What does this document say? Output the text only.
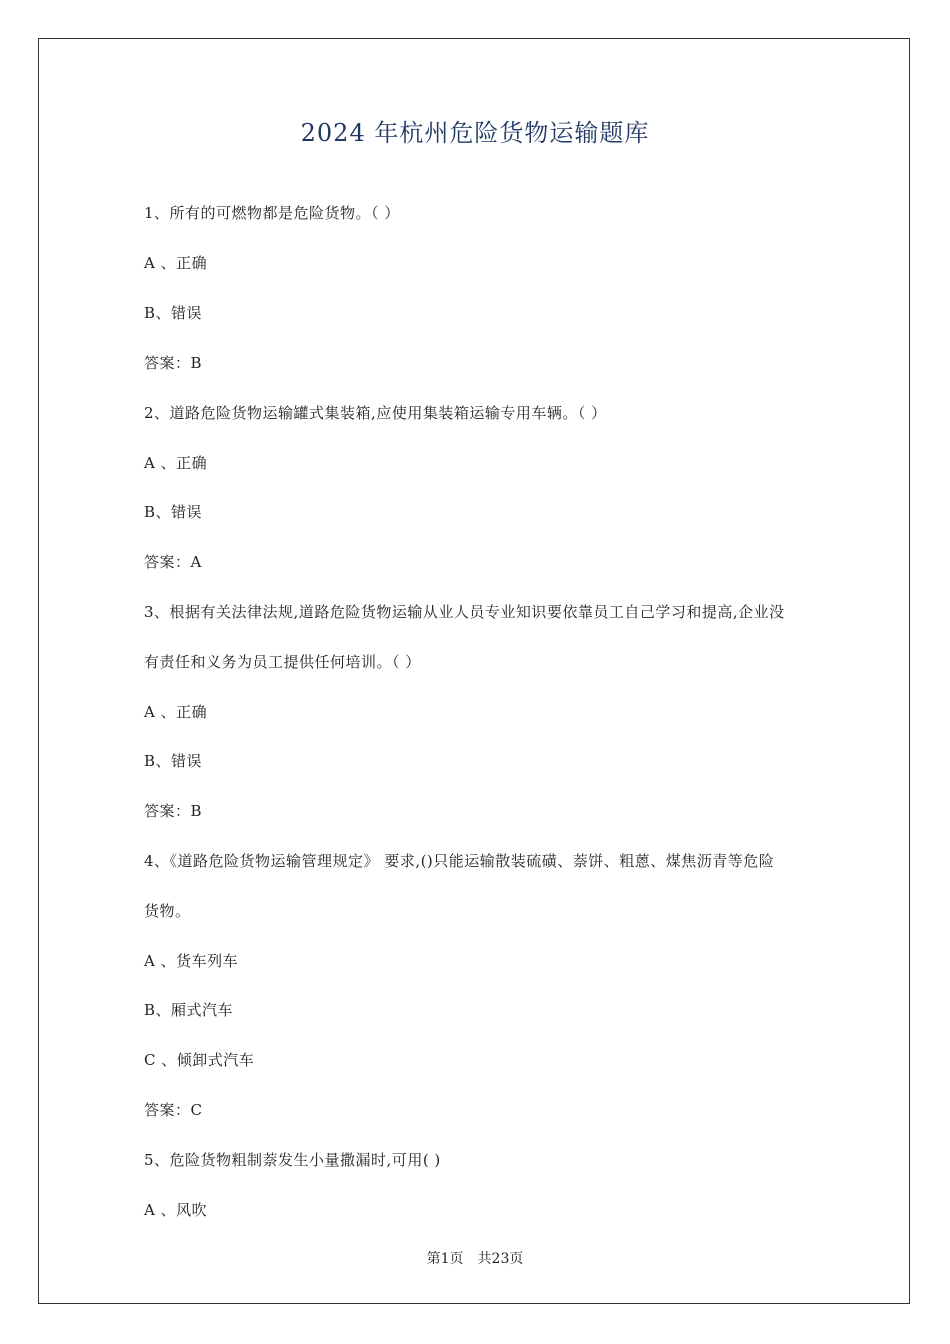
2024 年杭州危险货物运输题库
1、所有的可燃物都是危险货物。（ ）
A 、正确
B、错误
答案：B
2、道路危险货物运输罐式集装箱,应使用集装箱运输专用车辆。（ ）
A 、正确
B、错误
答案：A
3、根据有关法律法规,道路危险货物运输从业人员专业知识要依靠员工自己学习和提高,企业没
有责任和义务为员工提供任何培训。（ ）
A 、正确
B、错误
答案：B
4、《道路危险货物运输管理规定》 要求,()只能运输散装硫磺、萘饼、粗蒽、煤焦沥青等危险
货物。
A 、货车列车
B、厢式汽车
C 、倾卸式汽车
答案：C
5、危险货物粗制萘发生小量撒漏时,可用( )
A 、风吹
第1页 共23页
